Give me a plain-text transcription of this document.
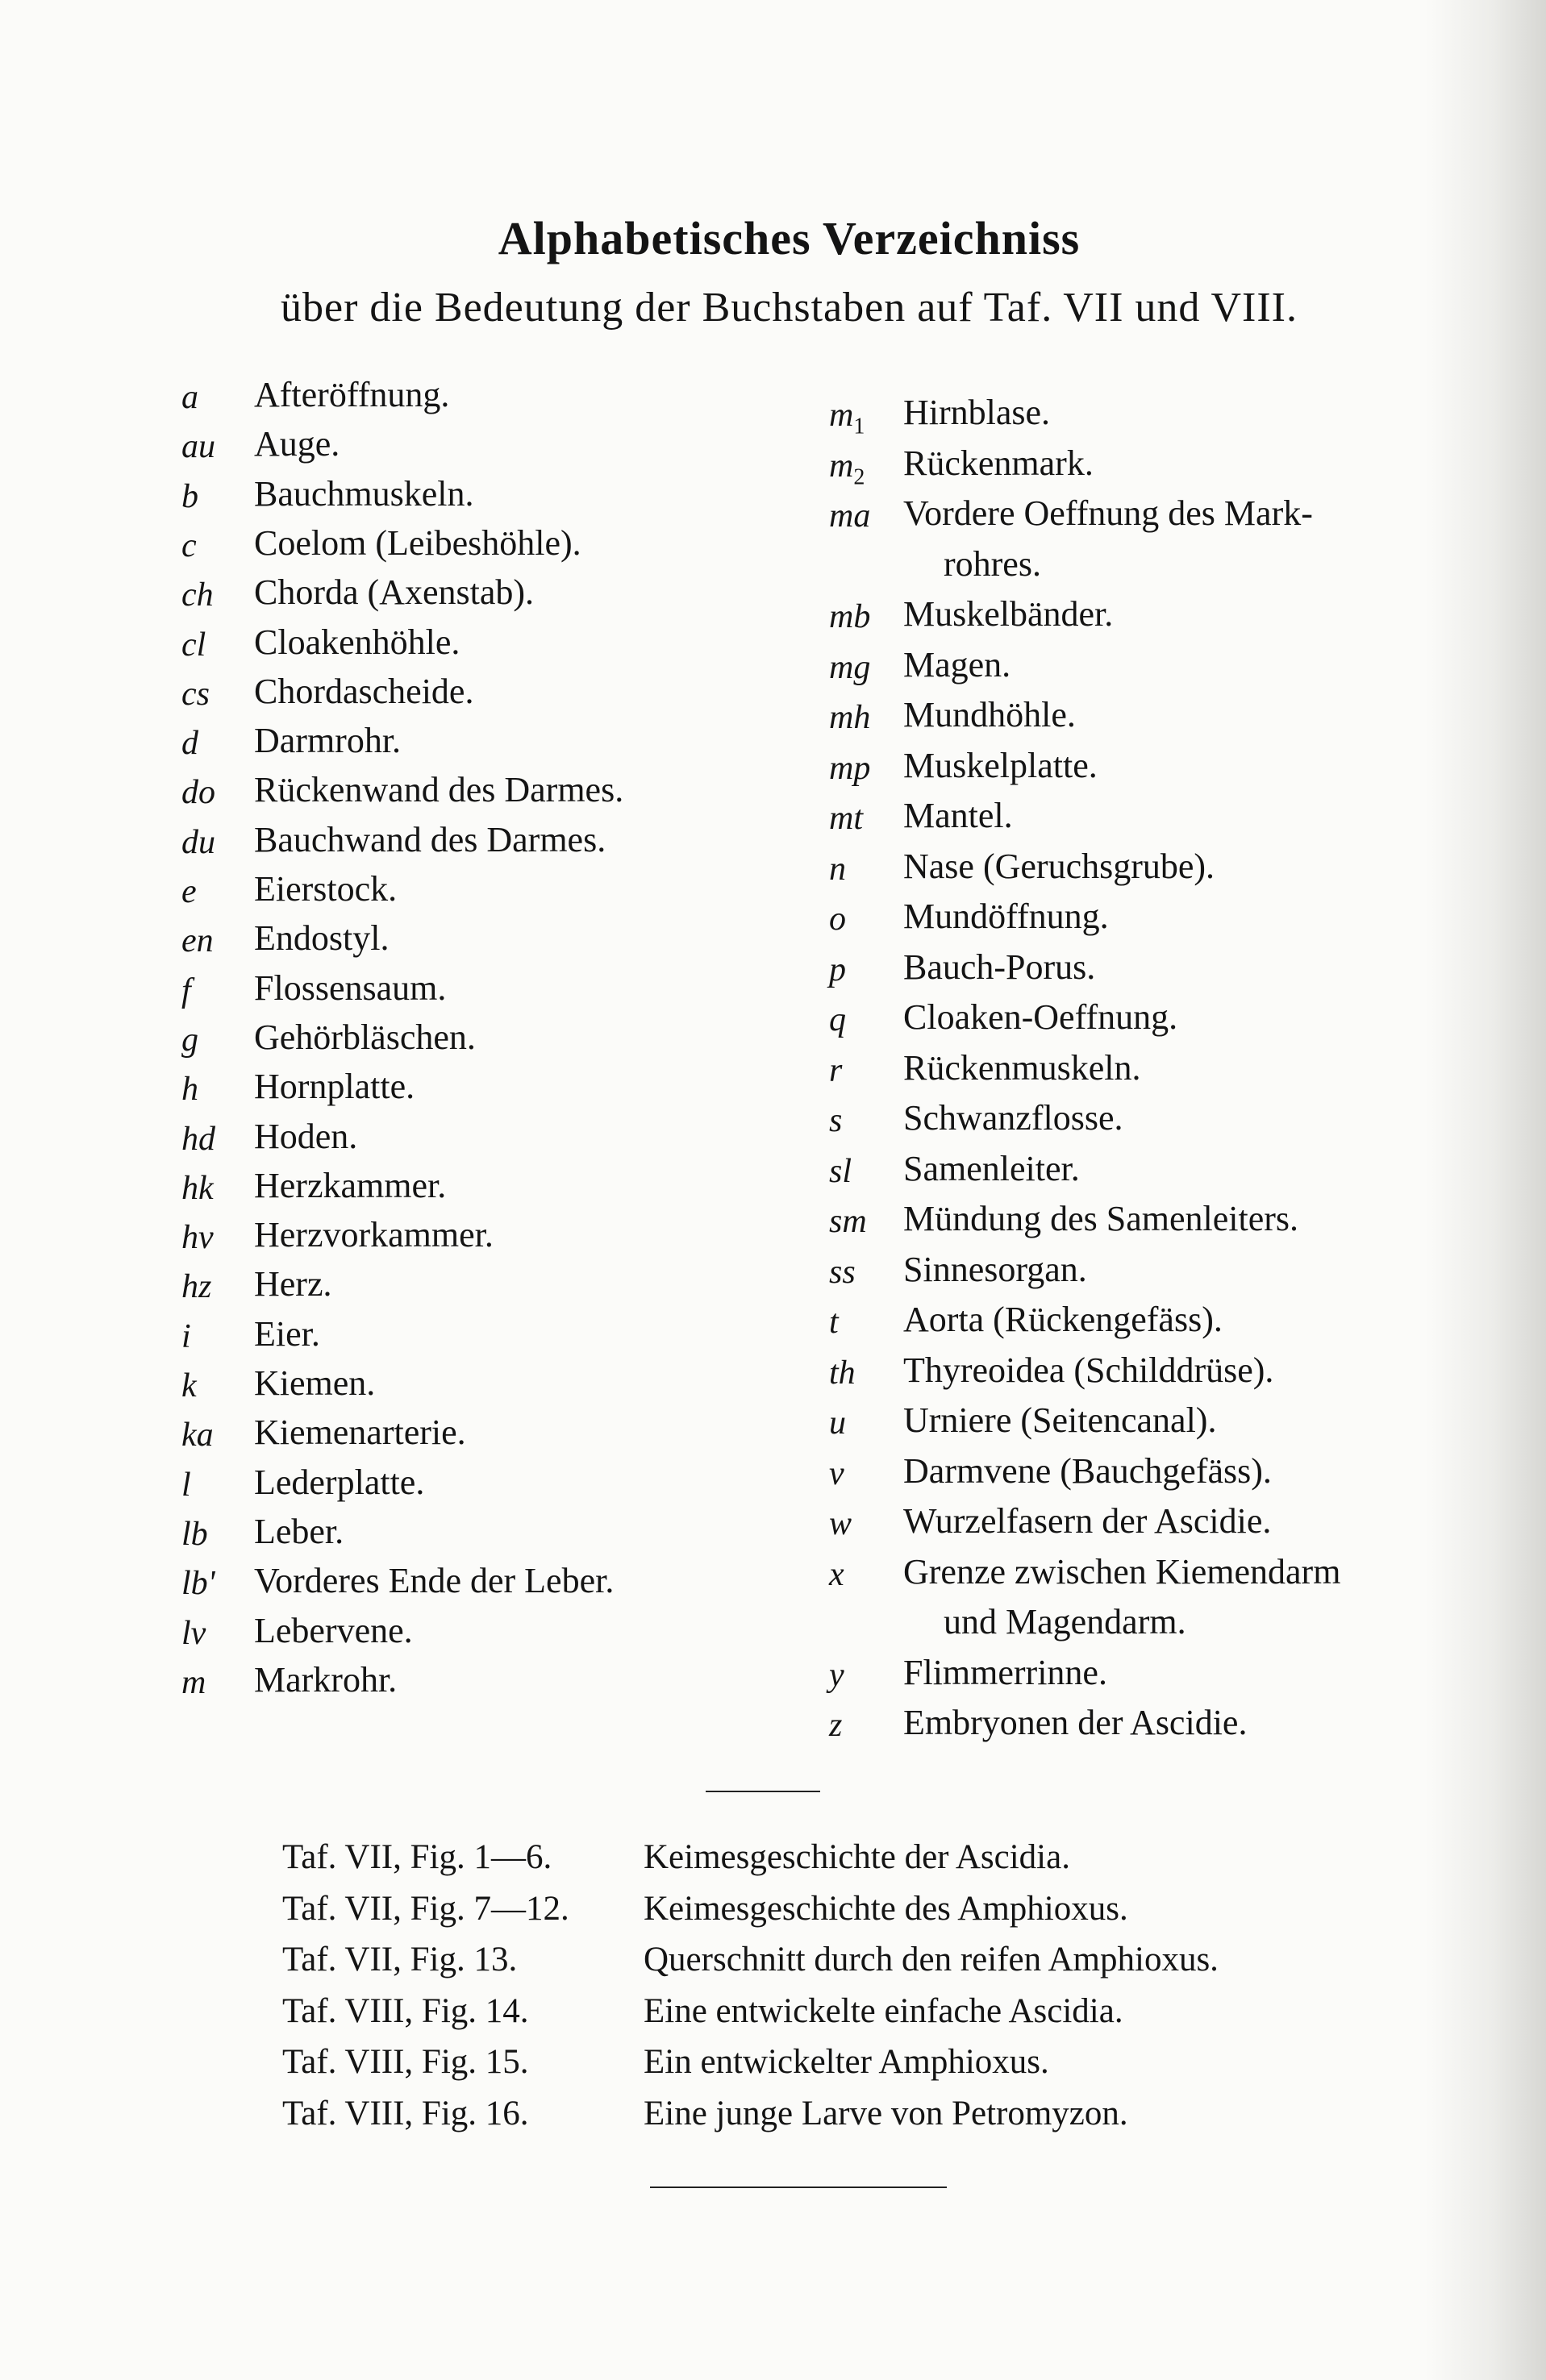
Alphabetisches Verzeichniss
über die Bedeutung der Buchstaben auf Taf. VII und VIII.
a Afteröffnung.
au Auge.
b Bauchmuskeln.
c Coelom (Leibeshöhle).
ch Chorda (Axenstab).
cl Cloakenhöhle.
cs Chordascheide.
d Darmrohr.
do Rückenwand des Darmes.
du Bauchwand des Darmes.
e Eierstock.
en Endostyl.
f Flossensaum.
g Gehörbläschen.
h Hornplatte.
hd Hoden.
hk Herzkammer.
hv Herzvorkammer.
hz Herz.
i Eier.
k Kiemen.
ka Kiemenarterie.
l Lederplatte.
lb Leber.
lb' Vorderes Ende der Leber.
lv Lebervene.
m Markrohr.
$m_1$ Hirnblase.
$m_2$ Rückenmark.
ma Vordere Oeffnung des Mark-
rohres.
mb Muskelbänder.
mg Magen.
mh Mundhöhle.
mp Muskelplatte.
mt Mantel.
n Nase (Geruchsgrube).
o Mundöffnung.
p Bauch-Porus.
q Cloaken-Oeffnung.
r Rückenmuskeln.
s Schwanzflosse.
sl Samenleiter.
sm Mündung des Samenleiters.
ss Sinnesorgan.
t Aorta (Rückengefäss).
th Thyreoidea (Schilddrüse).
u Urniere (Seitencanal).
v Darmvene (Bauchgefäss).
w Wurzelfasern der Ascidie.
x Grenze zwischen Kiemendarm
und Magendarm.
y Flimmerrinne.
z Embryonen der Ascidie.
Taf. VII, Fig. 1—6.	Keimesgeschichte der Ascidia.
Taf. VII, Fig. 7—12. Keimesgeschichte des Amphioxus.
Taf. VII, Fig. 13.	Querschnitt durch den reifen Amphioxus.
Taf. VIII, Fig. 14.	Eine entwickelte einfache Ascidia.
Taf. VIII, Fig. 15.	Ein entwickelter Amphioxus.
Taf. VIII, Fig. 16.	Eine junge Larve von Petromyzon.
